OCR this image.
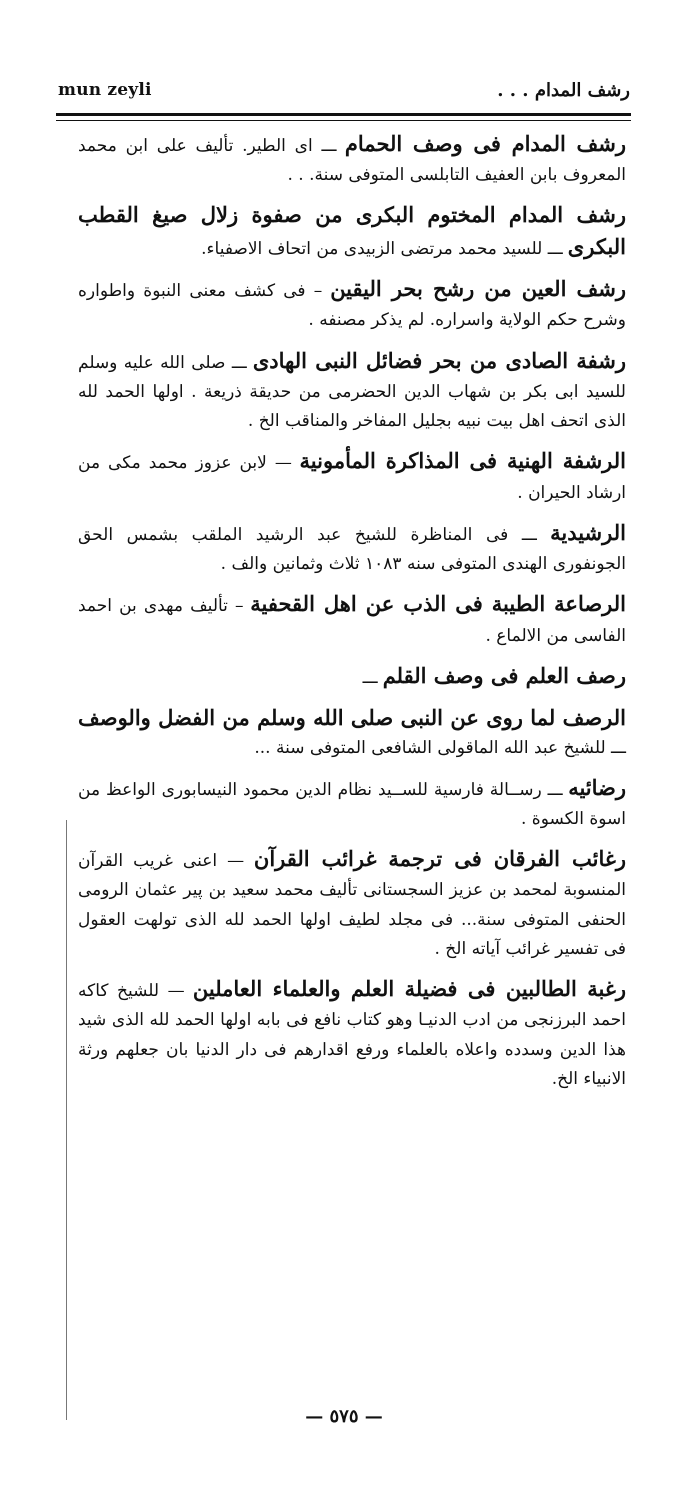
mun zeyli	رشف المدام . . .

رشف المدام فى وصف الحمام ـــ اى الطير. تأليف على ابن محمد المعروف بابن العفيف التابلسى المتوفى سنة. . .

رشف المدام المختوم البكرى من صفوة زلال صيغ القطب البكرى ـــ للسيد محمد مرتضى الزبيدى من اتحاف الاصفياء.

رشف العين من رشح بحر اليقين – فى كشف معنى النبوة واطواره وشرح حكم الولاية واسراره. لم يذكر مصنفه .

رشفة الصادى من بحر فضائل النبى الهادى ـــ صلى الله عليه وسلم للسيد ابى بكر بن شهاب الدين الحضرمى من حديقة ذريعة . اولها الحمد لله الذى اتحف اهل بيت نبيه بجليل المفاخر والمناقب الخ .

الرشفة الهنية فى المذاكرة المأمونية — لابن عزوز محمد مكى من ارشاد الحيران .

الرشيدية ـــ فى المناظرة للشيخ عبد الرشيد الملقب بشمس الحق الجونفورى الهندى المتوفى سنه ١٠٨٣ ثلاث وثمانين والف .

الرصاعة الطيبة فى الذب عن اهل القحفية – تأليف مهدى بن احمد الفاسى من الالماع .

رصف العلم فى وصف القلم ـــ

الرصف لما روى عن النبى صلى الله وسلم من الفضل والوصف ـــ للشيخ عبد الله الماقولى الشافعى المتوفى سنة ...

رضائيه ـــ رســالة فارسية للســيد نظام الدين محمود النيسابورى الواعظ من اسوة الكسوة .

رغائب الفرقان فى ترجمة غرائب القرآن — اعنى غريب القرآن المنسوبة لمحمد بن عزيز السجستانى تأليف محمد سعيد بن پير عثمان الرومى الحنفى المتوفى سنة... فى مجلد لطيف اولها الحمد لله الذى تولهت العقول فى تفسير غرائب آياته الخ .

رغبة الطالبين فى فضيلة العلم والعلماء العاملين — للشيخ كاكه احمد البرزنجى من ادب الدنيـا وهو كتاب نافع فى بابه اولها الحمد لله الذى شيد هذا الدين وسدده واعلاه بالعلماء ورفع اقدارهم فى دار الدنيا بان جعلهم ورثة الانبياء الخ.

— ٥٧٥ —
